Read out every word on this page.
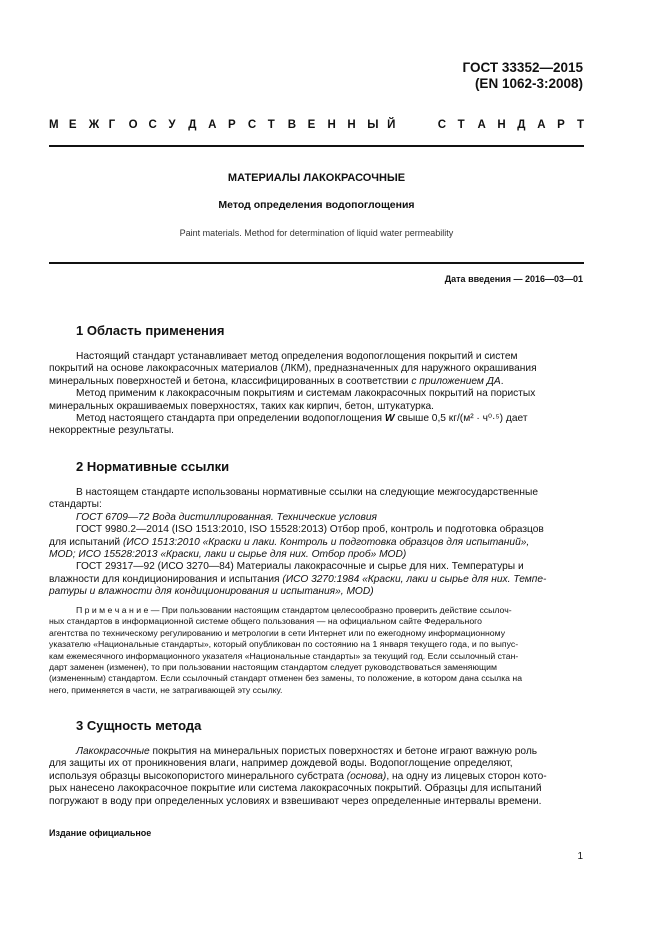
ГОСТ 33352—2015
(EN 1062-3:2008)
М Е	Ж Г	О С	У	Д	А	Р	С	Т	В	Е	Н	Н	Ы Й	С	Т	А	Н	Д	А	Р	Т
МАТЕРИАЛЫ ЛАКОКРАСОЧНЫЕ
Метод определения водопоглощения
Paint materials. Method for determination of liquid water permeability
Дата введения — 2016—03—01
1 Область применения
Настоящий стандарт устанавливает метод определения водопоглощения покрытий и систем
покрытий на основе лакокрасочных материалов (ЛКМ), предназначенных для наружного окрашивания
минеральных поверхностей и бетона, классифицированных в соответствии с приложением ДА.
Метод применим к лакокрасочным покрытиям и системам лакокрасочных покрытий на пористых
минеральных окрашиваемых поверхностях, таких как кирпич, бетон, штукатурка.
Метод настоящего стандарта при определении водопоглощения W свыше 0,5 кг/(м² · ч⁰·⁵) дает
некорректные результаты.
2 Нормативные ссылки
В настоящем стандарте использованы нормативные ссылки на следующие межгосударственные
стандарты:
ГОСТ 6709—72 Вода дистиллированная. Технические условия
ГОСТ 9980.2—2014 (ISO 1513:2010, ISO 15528:2013) Отбор проб, контроль и подготовка образцов
для испытаний (ИСО 1513:2010 «Краски и лаки. Контроль и подготовка образцов для испытаний»,
MOD; ИСО 15528:2013 «Краски, лаки и сырье для них. Отбор проб» MOD)
ГОСТ 29317—92 (ИСО 3270—84) Материалы лакокрасочные и сырье для них. Температуры и
влажности для кондиционирования и испытания (ИСО 3270:1984 «Краски, лаки и сырье для них. Темпе-
ратуры и влажности для кондиционирования и испытания», MOD)
П р и м е ч а н и е — При пользовании настоящим стандартом целесообразно проверить действие ссылоч-
ных стандартов в информационной системе общего пользования — на официальном сайте Федерального
агентства по техническому регулированию и метрологии в сети Интернет или по ежегодному информационному
указателю «Национальные стандарты», который опубликован по состоянию на 1 января текущего года, и по выпус-
кам ежемесячного информационного указателя «Национальные стандарты» за текущий год. Если ссылочный стан-
дарт заменен (изменен), то при пользовании настоящим стандартом следует руководствоваться заменяющим
(измененным) стандартом. Если ссылочный стандарт отменен без замены, то положение, в котором дана ссылка на
него, применяется в части, не затрагивающей эту ссылку.
3 Сущность метода
Лакокрасочные покрытия на минеральных пористых поверхностях и бетоне играют важную роль
для защиты их от проникновения влаги, например дождевой воды. Водопоглощение определяют,
используя образцы высокопористого минерального субстрата (основа), на одну из лицевых сторон кото-
рых нанесено лакокрасочное покрытие или система лакокрасочных покрытий. Образцы для испытаний
погружают в воду при определенных условиях и взвешивают через определенные интервалы времени.
Издание официальное
1
